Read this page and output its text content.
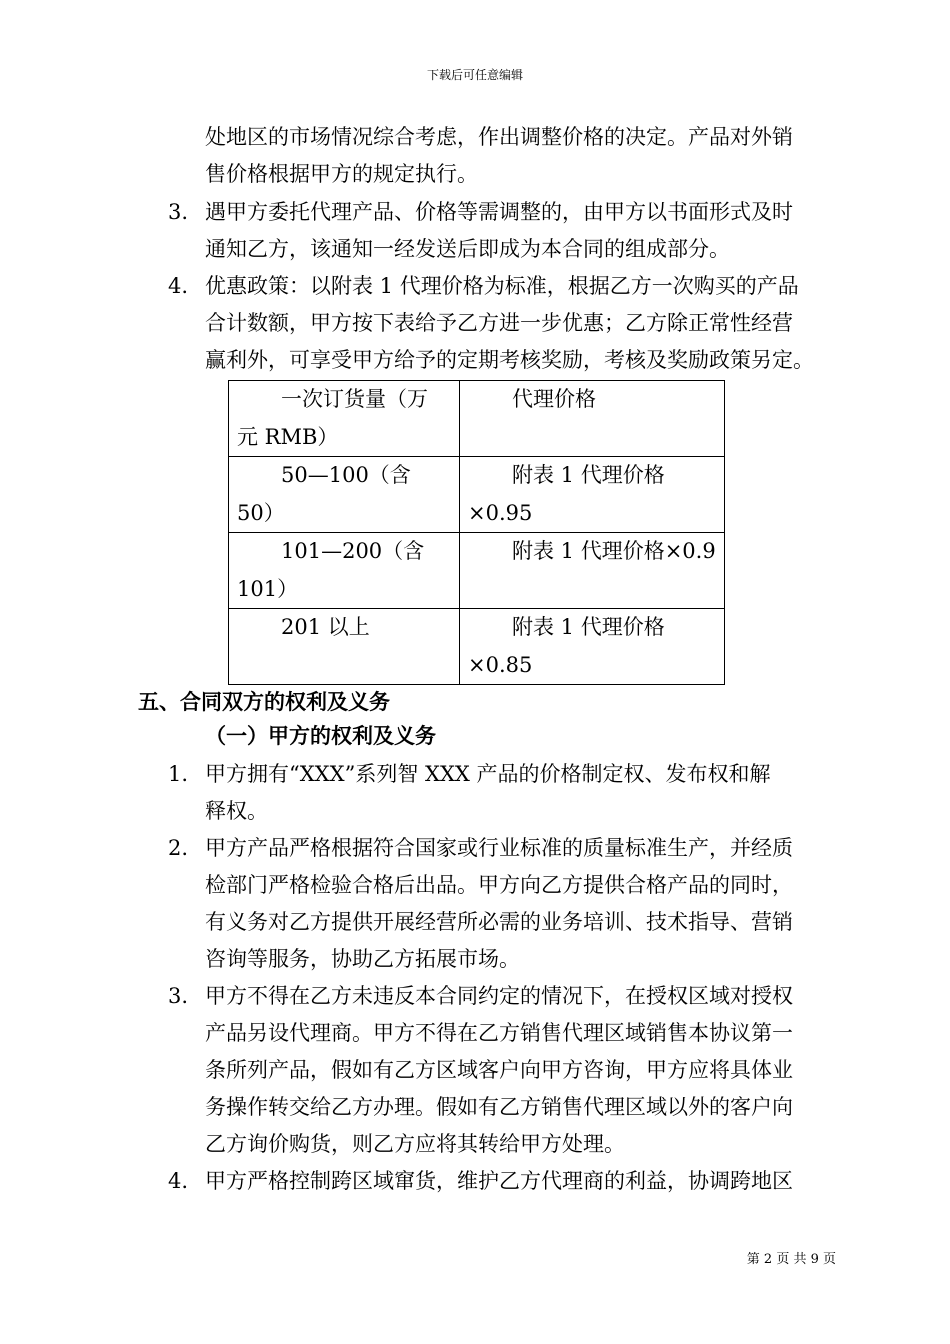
下载后可任意编辑
处地区的市场情况综合考虑，作出调整价格的决定。产品对外销
售价格根据甲方的规定执行。
3. 遇甲方委托代理产品、价格等需调整的，由甲方以书面形式及时
通知乙方，该通知一经发送后即成为本合同的组成部分。
4. 优惠政策：以附表 1 代理价格为标准，根据乙方一次购买的产品
合计数额，甲方按下表给予乙方进一步优惠；乙方除正常性经营
赢利外，可享受甲方给予的定期考核奖励，考核及奖励政策另定。
一次订货量（万
元 RMB）	代理价格
50—100（含
50）	附表 1 代理价格
×0.95
101—200（含
101）	附表 1 代理价格×0.9

201 以上	附表 1 代理价格
×0.85
五、合同双方的权利及义务
（一）甲方的权利及义务
1. 甲方拥有“XXX”系列智 XXX 产品的价格制定权、发布权和解
释权。
2. 甲方产品严格根据符合国家或行业标准的质量标准生产，并经质
检部门严格检验合格后出品。甲方向乙方提供合格产品的同时，
有义务对乙方提供开展经营所必需的业务培训、技术指导、营销
咨询等服务，协助乙方拓展市场。
3. 甲方不得在乙方未违反本合同约定的情况下，在授权区域对授权
产品另设代理商。甲方不得在乙方销售代理区域销售本协议第一
条所列产品，假如有乙方区域客户向甲方咨询，甲方应将具体业
务操作转交给乙方办理。假如有乙方销售代理区域以外的客户向
乙方询价购货，则乙方应将其转给甲方处理。
4. 甲方严格控制跨区域窜货，维护乙方代理商的利益，协调跨地区
第 2 页 共 9 页
